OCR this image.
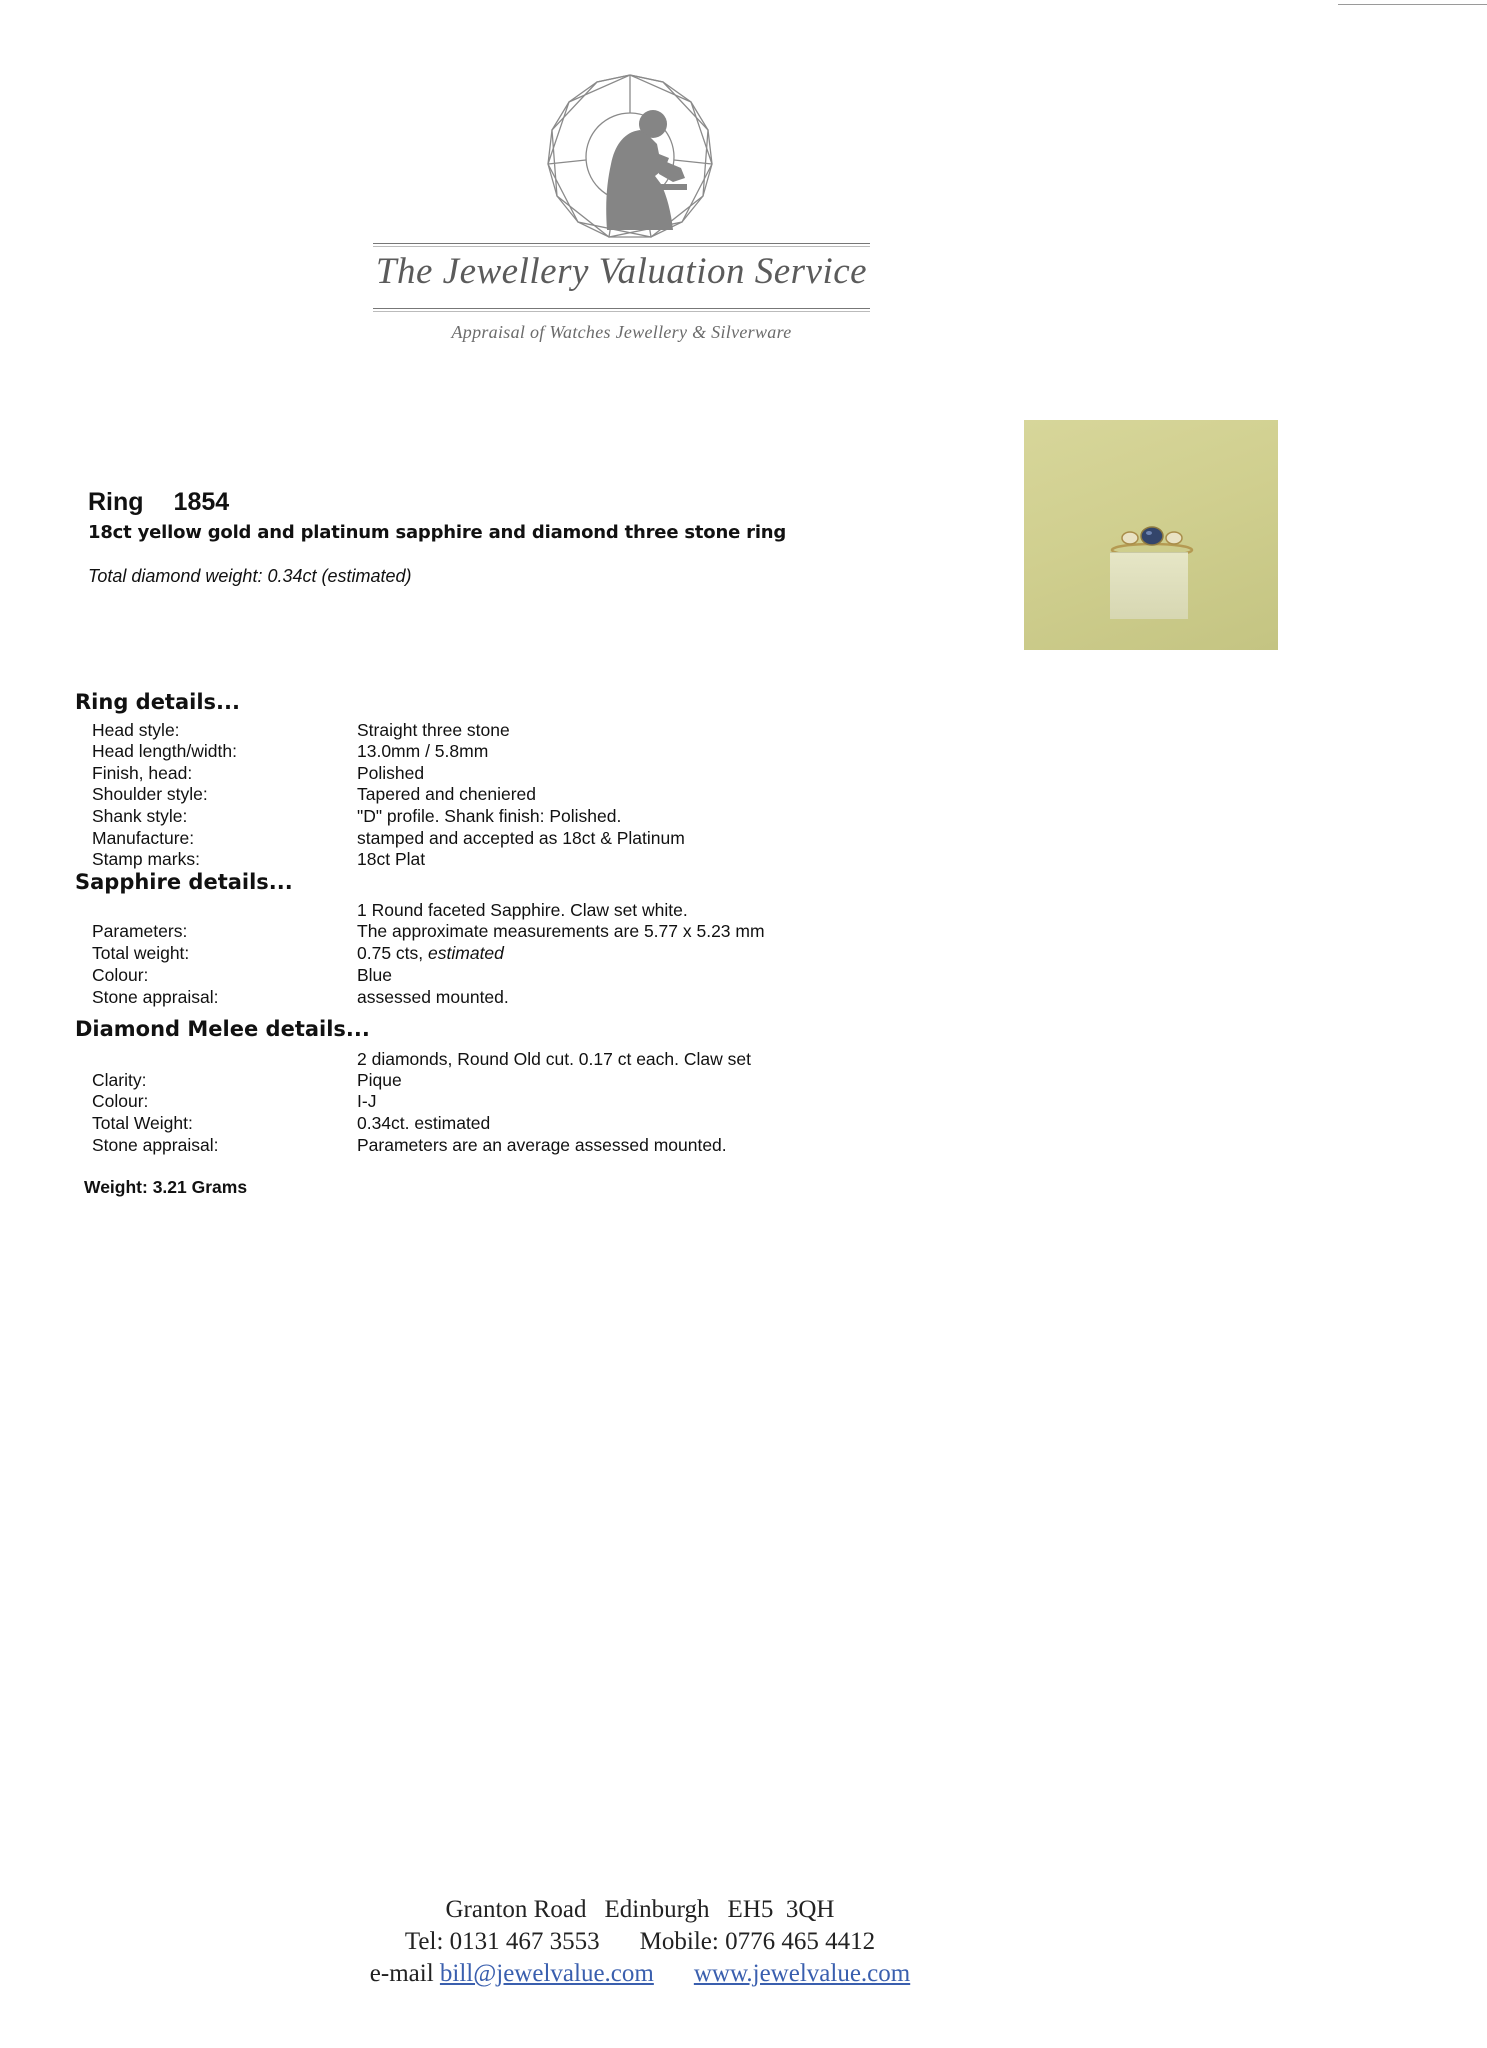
The Jewellery Valuation Service
Appraisal of Watches Jewellery & Silverware
Ring 1854
18ct yellow gold and platinum sapphire and diamond three stone ring
Total diamond weight: 0.34ct (estimated)
Ring details...
Head style:	Straight three stone
Head length/width:	13.0mm / 5.8mm
Finish, head:	Polished
Shoulder style:	Tapered and cheniered
Shank style:	"D" profile. Shank finish: Polished.
Manufacture:	stamped and accepted as 18ct & Platinum
Stamp marks:	18ct Plat
Sapphire details...
1 Round faceted Sapphire. Claw set white.
Parameters:	The approximate measurements are 5.77 x 5.23 mm
Total weight:	0.75 cts, estimated
Colour:	Blue
Stone appraisal:	assessed mounted.
Diamond Melee details...
2 diamonds, Round Old cut. 0.17 ct each. Claw set
Clarity:	Pique
Colour:	I-J
Total Weight:	0.34ct. estimated
Stone appraisal:	Parameters are an average assessed mounted.
Weight: 3.21 Grams
Granton Road Edinburgh EH5  3QH
Tel: 0131 467 3553 Mobile: 0776 465 4412
e-mail bill@jewelvalue.com www.jewelvalue.com
